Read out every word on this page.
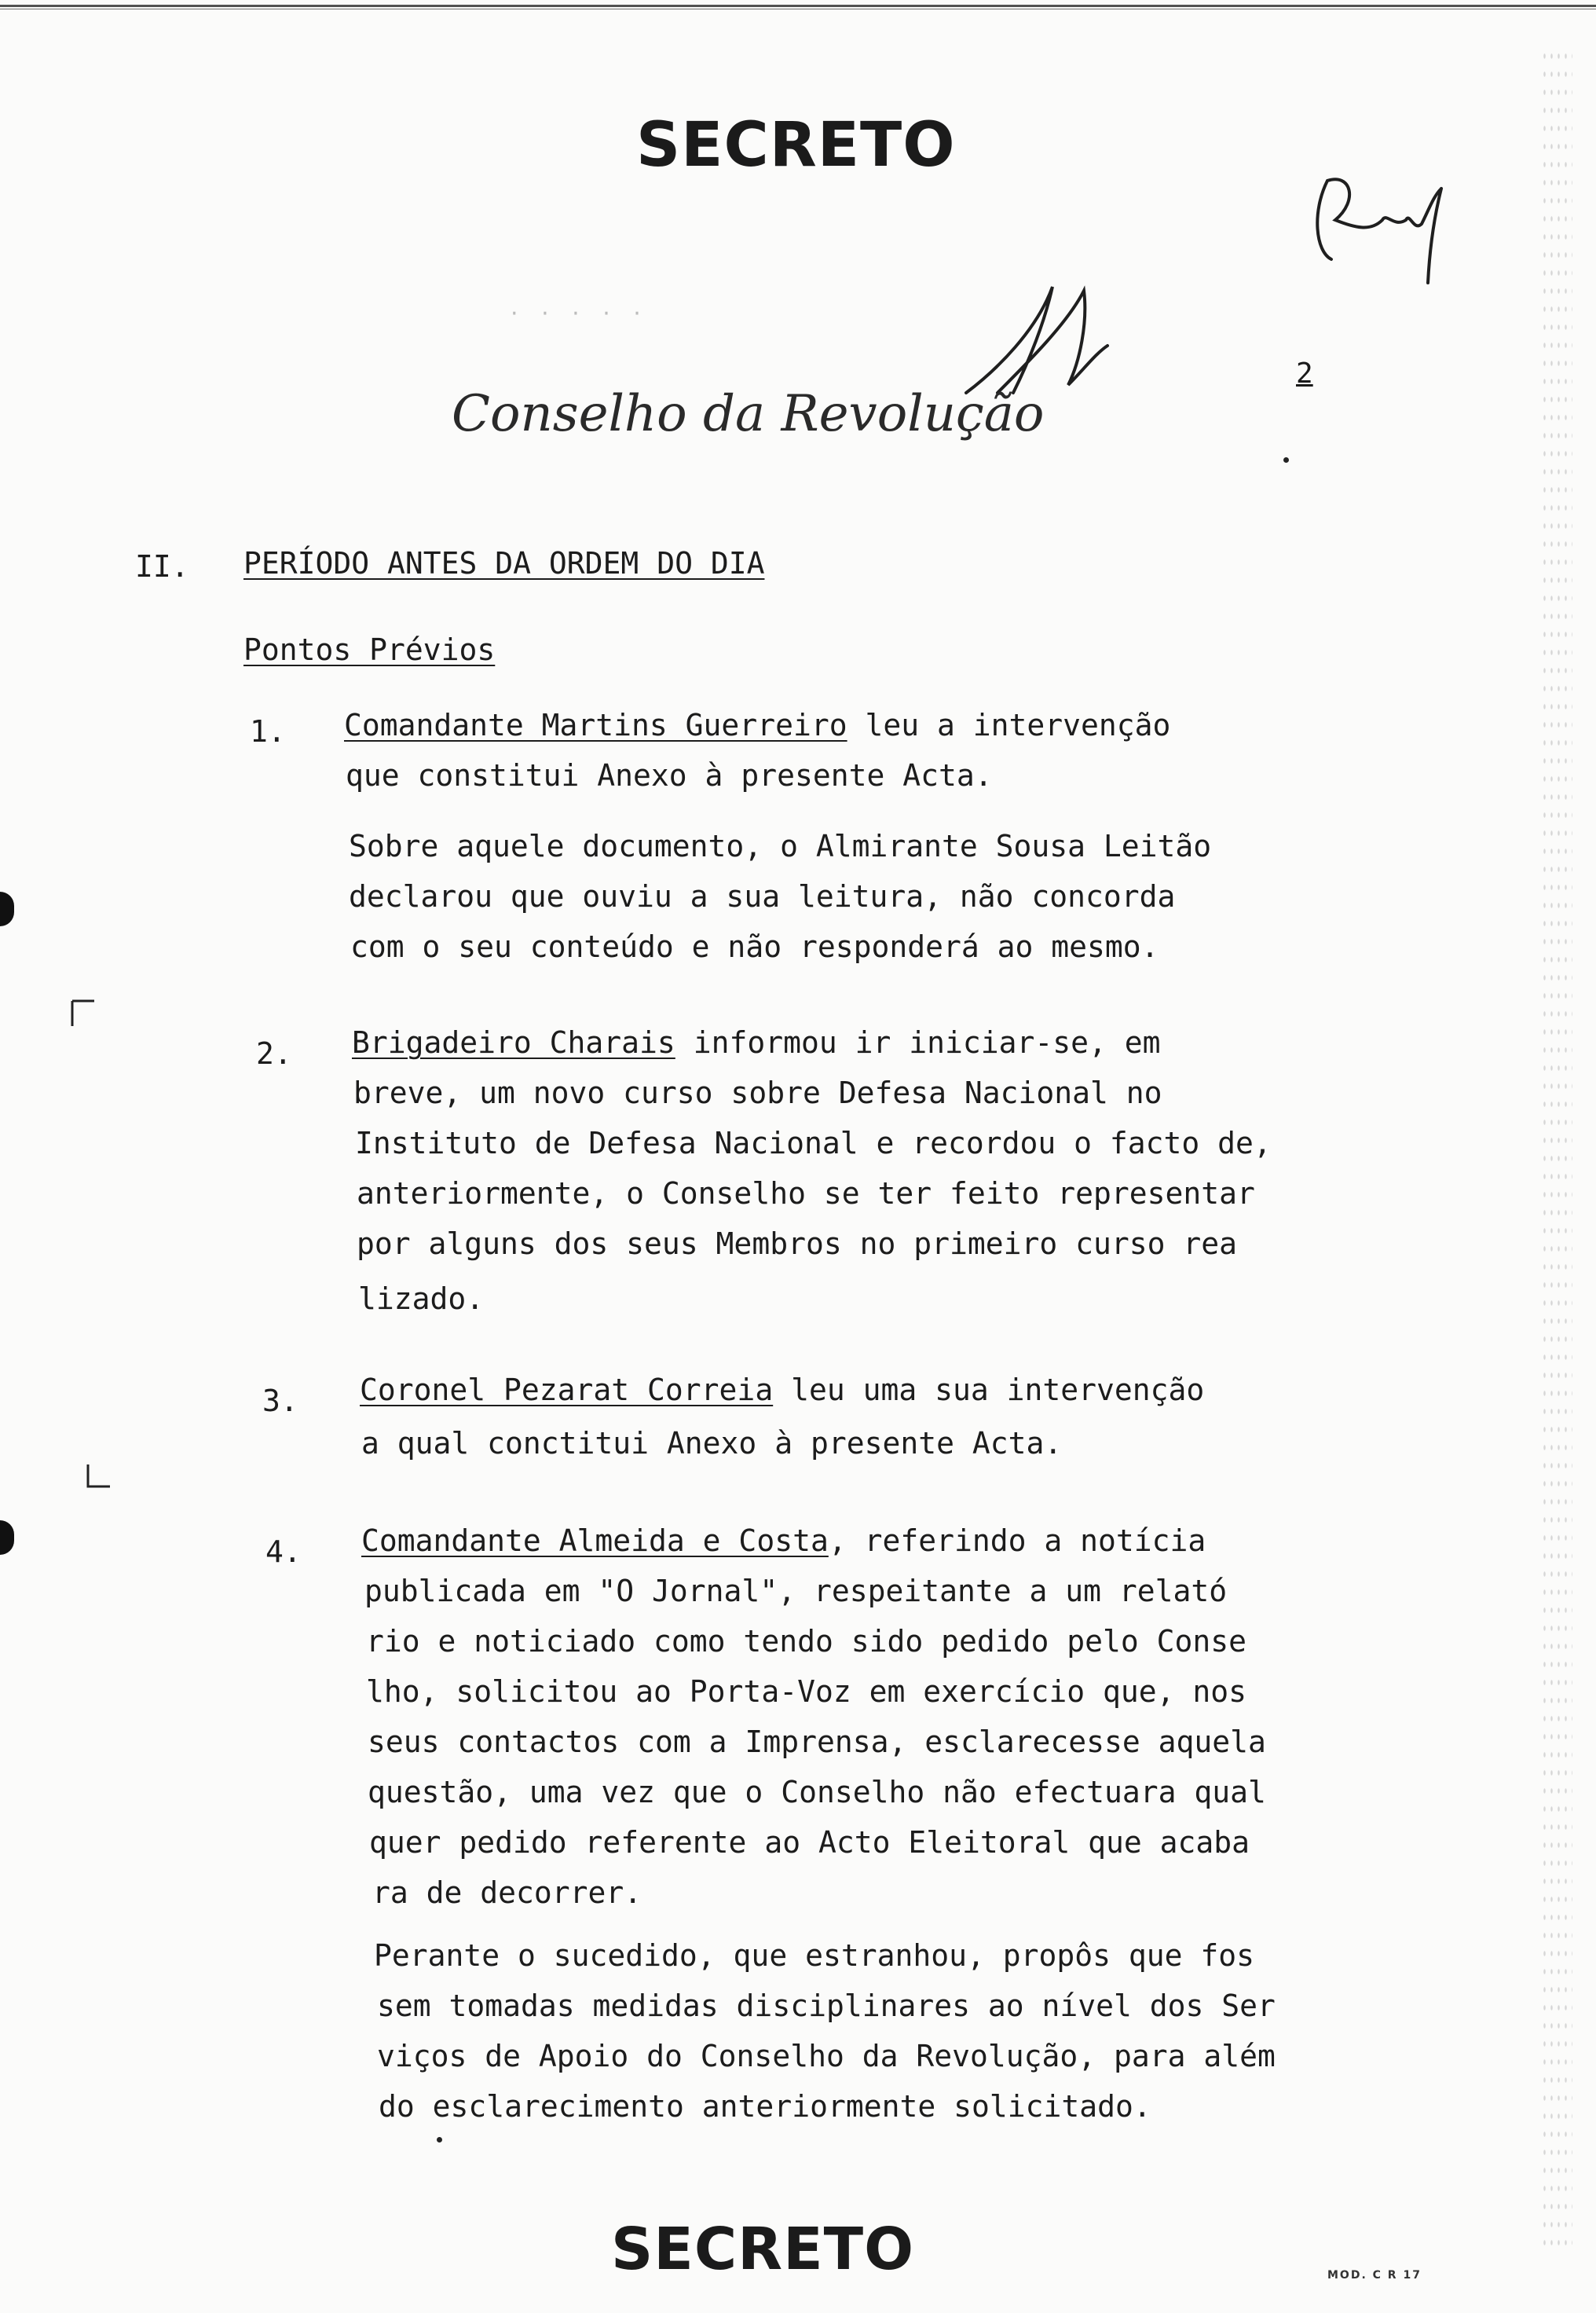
SECRETO
· · · · ·
Conselho da Revolução
2
II. PERÍODO ANTES DA ORDEM DO DIA
Pontos Prévios
1. Comandante Martins Guerreiro leu a intervenção
que constitui Anexo à presente Acta.
Sobre aquele documento, o Almirante Sousa Leitão
declarou que ouviu a sua leitura, não concorda
com o seu conteúdo e não responderá ao mesmo.
2. Brigadeiro Charais informou ir iniciar-se, em
breve, um novo curso sobre Defesa Nacional no
Instituto de Defesa Nacional e recordou o facto de,
anteriormente, o Conselho se ter feito representar
por alguns dos seus Membros no primeiro curso rea
lizado.
3. Coronel Pezarat Correia leu uma sua intervenção
a qual conctitui Anexo à presente Acta.
4. Comandante Almeida e Costa, referindo a notícia
publicada em "O Jornal", respeitante a um relató
rio e noticiado como tendo sido pedido pelo Conse
lho, solicitou ao Porta-Voz em exercício que, nos
seus contactos com a Imprensa, esclarecesse aquela
questão, uma vez que o Conselho não efectuara qual
quer pedido referente ao Acto Eleitoral que acaba
ra de decorrer.
Perante o sucedido, que estranhou, propôs que fos
sem tomadas medidas disciplinares ao nível dos Ser
viços de Apoio do Conselho da Revolução, para além
do esclarecimento anteriormente solicitado.
SECRETO	MOD. C R 17
